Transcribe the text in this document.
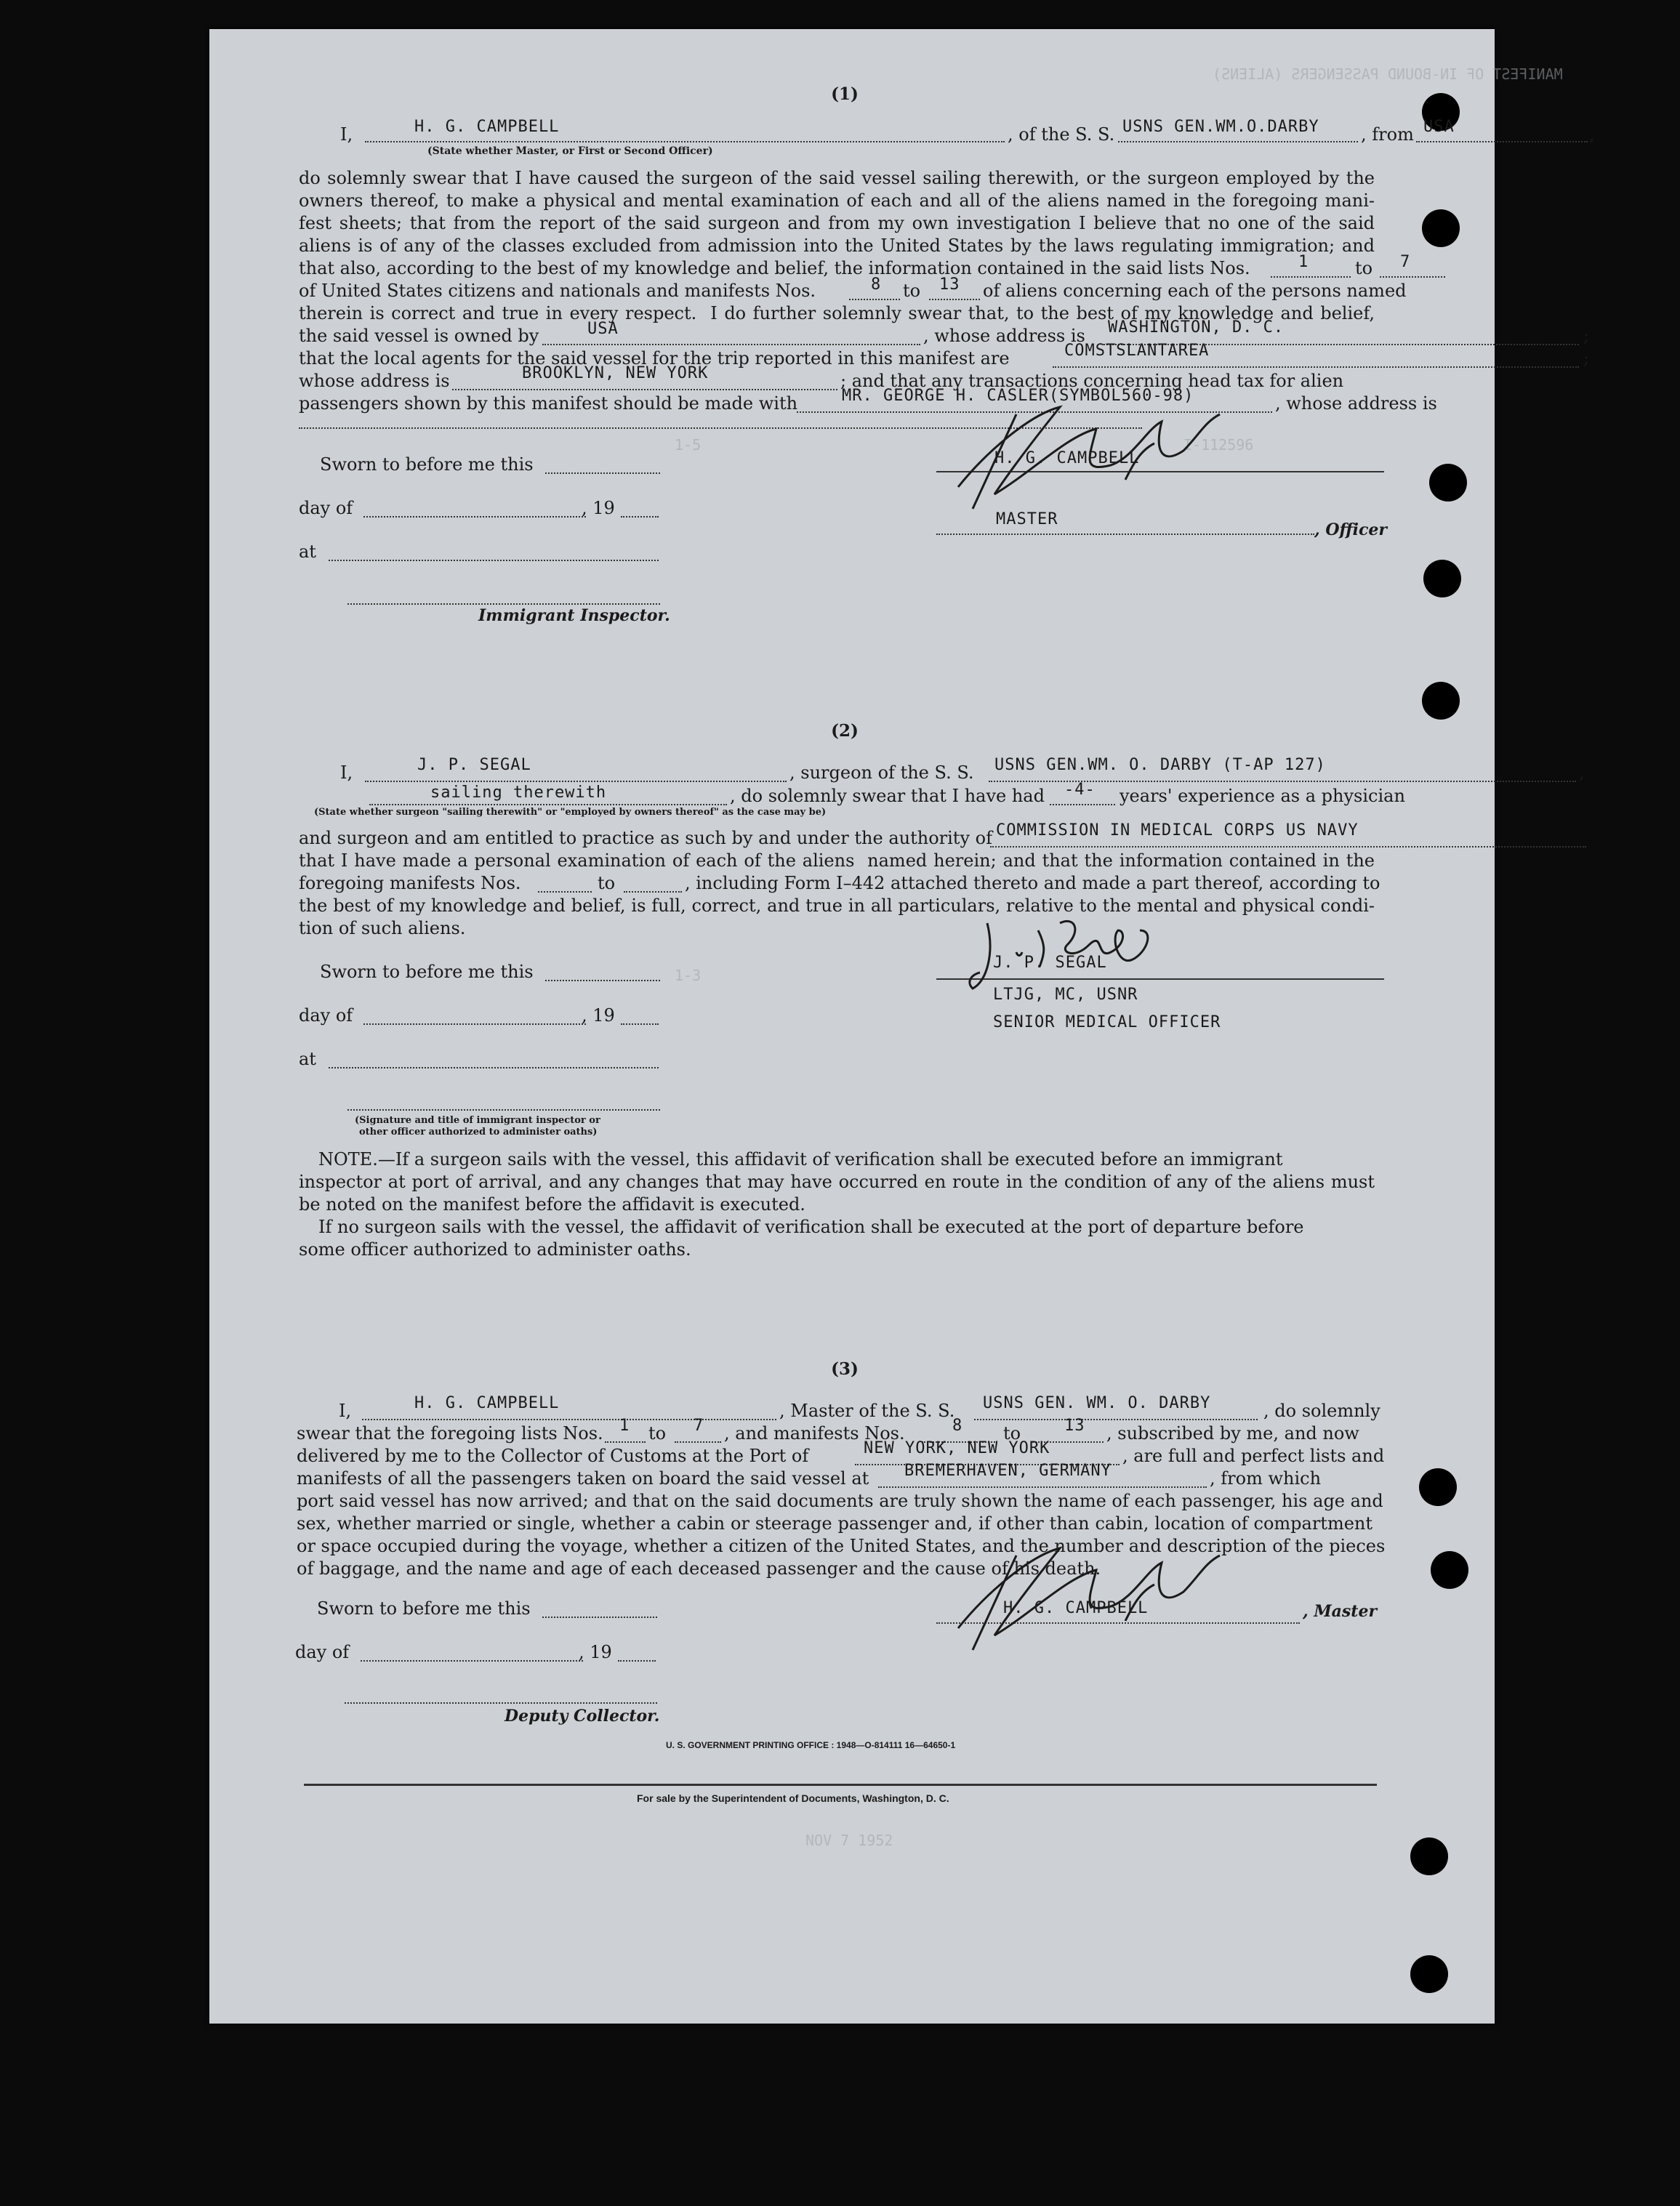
MANIFEST OF IN-BOUND PASSENGERS (ALIENS)
1-5	I-112596
1-3
NOV 7 1952
(1)
I,	H. G. CAMPBELL	, of the S. S. USNS GEN.WM.O.DARBY , from USA	,
(State whether Master, or First or Second Officer)
do solemnly swear that I have caused the surgeon of the said vessel sailing therewith, or the surgeon employed by the
owners thereof, to make a physical and mental examination of each and all of the aliens named in the foregoing mani-
fest sheets; that from the report of the said surgeon and from my own investigation I believe that no one of the said
aliens is of any of the classes excluded from admission into the United States by the laws regulating immigration; and
that also, according to the best of my knowledge and belief, the information contained in the said lists Nos.	1	to 7
of United States citizens and nationals and manifests Nos.	8 to 13 of aliens concerning each of the persons named
therein is correct and true in every respect.  I do further solemnly swear that, to the best of my knowledge and belief,
the said vessel is owned by	USA	, whose address is WASHINGTON, D. C.	;
that the local agents for the said vessel for the trip reported in this manifest are	COMSTSLANTAREA	;
whose address is	BROOKLYN, NEW YORK	; and that any transactions concerning head tax for alien
passengers shown by this manifest should be made with	MR. GEORGE H. CASLER(SYMBOL560-98)	, whose address is
Sworn to before me this
day of	, 19
at
Immigrant Inspector.
H. G. CAMPBELL
MASTER
, Officer
(2)
I,	J. P. SEGAL	, surgeon of the S. S. USNS GEN.WM. O. DARBY (T-AP 127)	,
sailing therewith	, do solemnly swear that I have had -4- years' experience as a physician
(State whether surgeon "sailing therewith" or "employed by owners thereof" as the case may be)
and surgeon and am entitled to practice as such by and under the authority of COMMISSION IN MEDICAL CORPS US NAVY
that I have made a personal examination of each of the aliens  named herein; and that the information contained in the
foregoing manifests Nos.	to	, including Form I–442 attached thereto and made a part thereof, according to
the best of my knowledge and belief, is full, correct, and true in all particulars, relative to the mental and physical condi-
tion of such aliens.
Sworn to before me this
day of	, 19
at
(Signature and title of immigrant inspector or
other officer authorized to administer oaths)
J. P. SEGAL
LTJG, MC, USNR
SENIOR MEDICAL OFFICER
NOTE.—If a surgeon sails with the vessel, this affidavit of verification shall be executed before an immigrant
inspector at port of arrival, and any changes that may have occurred en route in the condition of any of the aliens must
be noted on the manifest before the affidavit is executed.
If no surgeon sails with the vessel, the affidavit of verification shall be executed at the port of departure before
some officer authorized to administer oaths.
(3)
I,	H. G. CAMPBELL	, Master of the S. S. USNS GEN. WM. O. DARBY	, do solemnly
swear that the foregoing lists Nos. 1 to 7 , and manifests Nos.	8 to	13 , subscribed by me, and now
delivered by me to the Collector of Customs at the Port of	NEW YORK, NEW YORK	, are full and perfect lists and
manifests of all the passengers taken on board the said vessel at BREMERHAVEN, GERMANY	, from which
port said vessel has now arrived; and that on the said documents are truly shown the name of each passenger, his age and
sex, whether married or single, whether a cabin or steerage passenger and, if other than cabin, location of compartment
or space occupied during the voyage, whether a citizen of the United States, and the number and description of the pieces
of baggage, and the name and age of each deceased passenger and the cause of his death.
Sworn to before me this
day of	, 19
Deputy Collector.
H. G. CAMPBELL	, Master
U. S. GOVERNMENT PRINTING OFFICE : 1948—O-814111 16—64650-1
For sale by the Superintendent of Documents, Washington, D. C.
